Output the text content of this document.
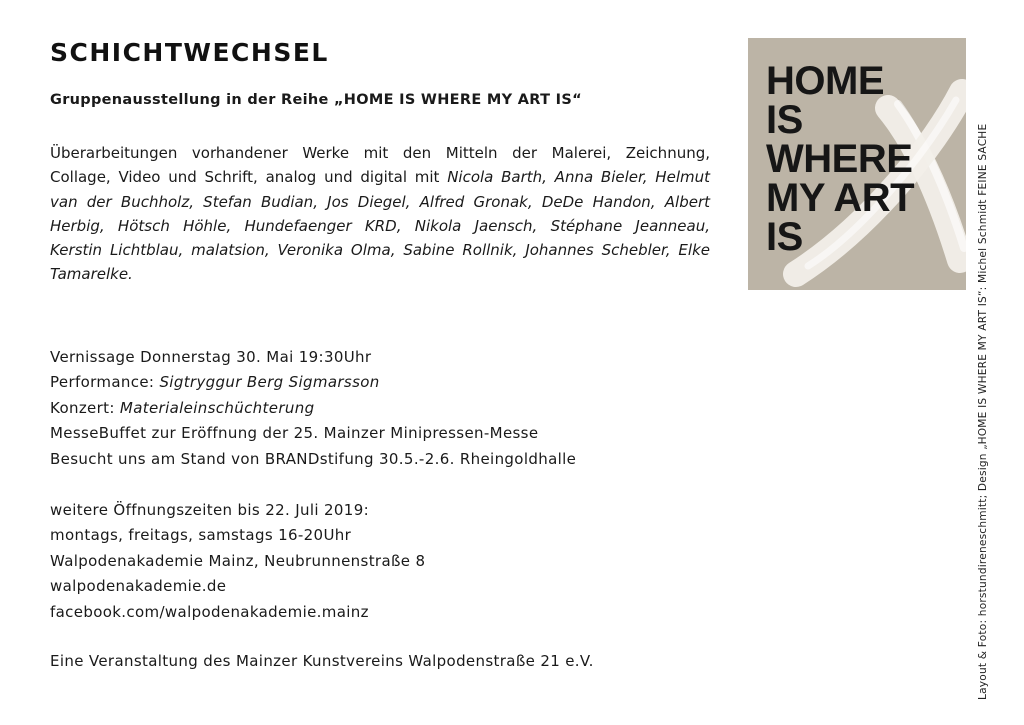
SCHICHTWECHSEL
Gruppenausstellung in der Reihe „HOME IS WHERE MY ART IS“
Überarbeitungen vorhandener Werke mit den Mitteln der Malerei, Zeichnung, Collage, Video und Schrift, analog und digital mit Nicola Barth, Anna Bieler, Helmut van der Buchholz, Stefan Budian, Jos Diegel, Alfred Gronak, DeDe Handon, Albert Herbig, Hötsch Höhle, Hundefaenger KRD, Nikola Jaensch, Stéphane Jeanneau, Kerstin Lichtblau, malatsion, Veronika Olma, Sabine Rollnik, Johannes Schebler, Elke Tamarelke.
Vernissage Donnerstag 30. Mai 19:30Uhr
Performance: Sigtryggur Berg Sigmarsson
Konzert: Materialeinschüchterung
MesseBuffet zur Eröffnung der 25. Mainzer Minipressen-Messe
Besucht uns am Stand von BRANDstifung 30.5.-2.6. Rheingoldhalle
weitere Öffnungszeiten bis 22. Juli 2019:
montags, freitags, samstags 16-20Uhr
Walpodenakademie Mainz, Neubrunnenstraße 8
walpodenakademie.de
facebook.com/walpodenakademie.mainz
Eine Veranstaltung des Mainzer Kunstvereins Walpodenstraße 21 e.V.
HOME
IS
WHERE
MY ART
IS	Layout & Foto: horstundireneschmitt; Design „HOME IS WHERE MY ART IS“: Michel Schmidt FEINE SACHE
